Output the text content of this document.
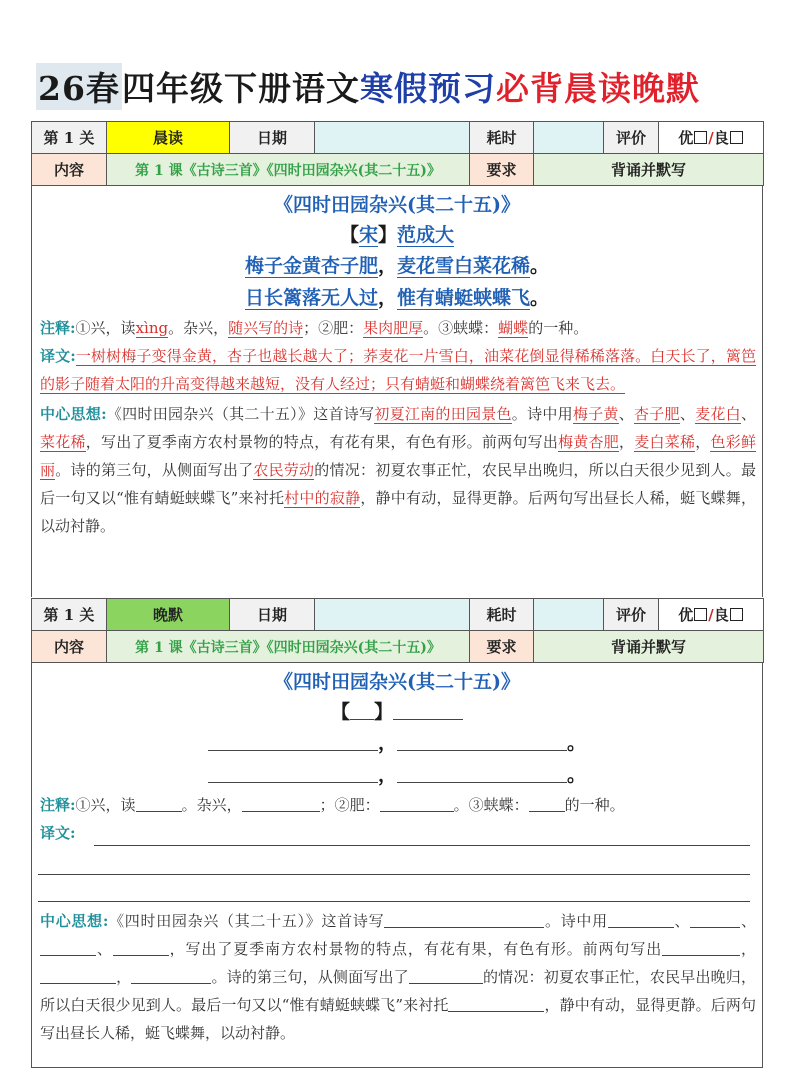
26春 四年级下册语文 寒假预习 必背晨读晚默
第 1 关	晨读	日期		耗时		评价	优 /良
内容	第 1 课《古诗三首》《四时田园杂兴(其二十五)》			要求	背诵并默写		
《四时田园杂兴(其二十五)》
【宋】范成大
梅子金黄杏子肥，麦花雪白菜花稀。
日长篱落无人过，惟有蜻蜓蛱蝶飞。
注释:①兴，读xìng。杂兴，随兴写的诗；②肥：果肉肥厚。③蛱蝶：蝴蝶的一种。
译文:一树树梅子变得金黄，杏子也越长越大了；荞麦花一片雪白，油菜花倒显得稀稀落落。白天长了，篱笆的影子随着太阳的升高变得越来越短，没有人经过；只有蜻蜓和蝴蝶绕着篱笆飞来飞去。
中心思想:《四时田园杂兴（其二十五）》这首诗写初夏江南的田园景色。诗中用梅子黄、杏子肥、麦花白、菜花稀，写出了夏季南方农村景物的特点，有花有果，有色有形。前两句写出梅黄杏肥，麦白菜稀，色彩鲜丽。诗的第三句，从侧面写出了农民劳动的情况：初夏农事正忙，农民早出晚归，所以白天很少见到人。最后一句又以“惟有蜻蜓蛱蝶飞”来衬托村中的寂静，静中有动，显得更静。后两句写出昼长人稀，蜓飞蝶舞，以动衬静。
第 1 关	晚默	日期		耗时		评价	优 /良
内容	第 1 课《古诗三首》《四时田园杂兴(其二十五)》			要求	背诵并默写		
《四时田园杂兴(其二十五)》
【 】
，	。
，	。
注释:①兴，读	。杂兴，	；②肥：	。③蛱蝶： 的一种。
译文:
中心思想:《四时田园杂兴（其二十五）》这首诗写	。诗中用	、	、、	，写出了夏季南方农村景物的特点，有花有果，有色有形。前两句写出	，，	。诗的第三句，从侧面写出了	的情况：初夏农事正忙，农民早出晚归，所以白天很少见到人。最后一句又以“惟有蜻蜓蛱蝶飞”来衬托	，静中有动，显得更静。后两句写出昼长人稀，蜓飞蝶舞，以动衬静。
